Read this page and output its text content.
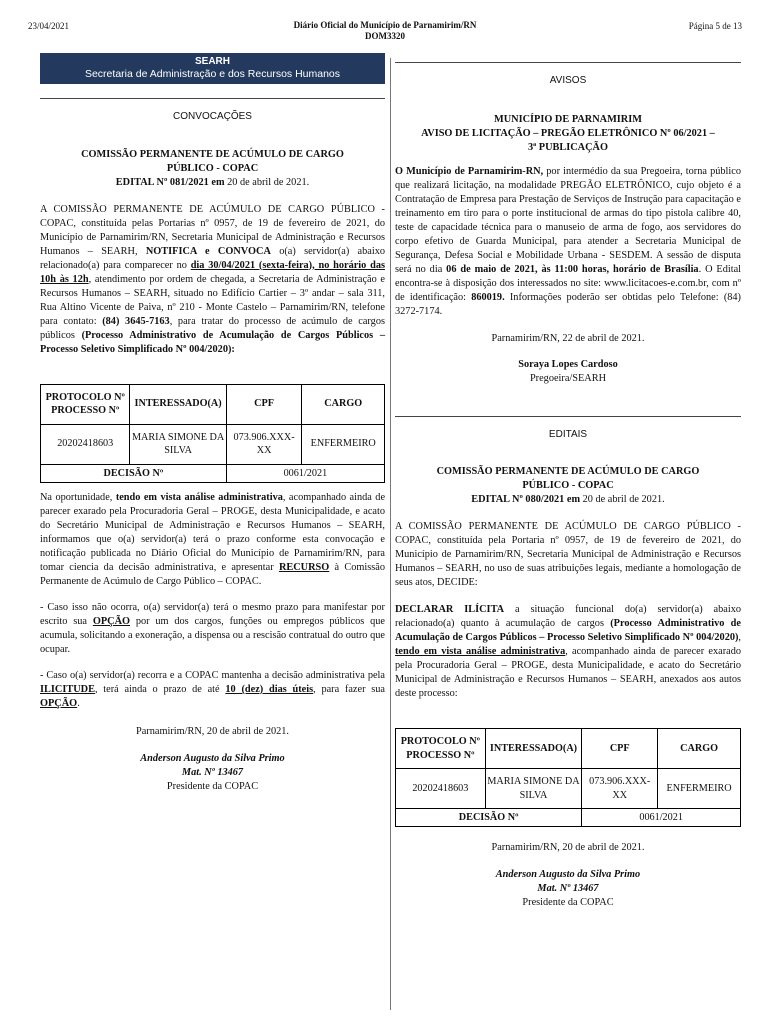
23/04/2021	Diário Oficial do Município de Parnamirim/RN
DOM3320
Página 5 de 13
SEARH
Secretaria de Administração e dos Recursos Humanos
CONVOCAÇÕES
COMISSÃO PERMANENTE DE ACÚMULO DE CARGO
PÚBLICO - COPAC
EDITAL Nº 081/2021 em 20 de abril de 2021.

A COMISSÃO PERMANENTE DE ACÚMULO DE CARGO PÚBLICO - COPAC, constituída pelas Portarias nº 0957, de 19 de fevereiro de 2021, do Município de Parnamirim/RN, Secretaria Municipal de Administração e Recursos Humanos – SEARH, NOTIFICA e CONVOCA o(a) servidor(a) abaixo relacionado(a) para comparecer no dia 30/04/2021 (sexta-feira), no horário das 10h às 12h, atendimento por ordem de chegada, a Secretaria de Administração e Recursos Humanos – SEARH, situado no Edifício Cartier – 3º andar – sala 311, Rua Altino Vicente de Paiva, nº 210 - Monte Castelo – Parnamirim/RN, telefone para contato: (84) 3645-7163, para tratar do processo de acúmulo de cargos públicos (Processo Administrativo de Acumulação de Cargos Públicos – Processo Seletivo Simplificado Nº 004/2020):

PROTOCOLO Nº PROCESSO Nº	INTERESSADO(A)	CPF	CARGO
20202418603	MARIA SIMONE DA SILVA	073.906.XXX-XX	ENFERMEIRO
DECISÃO Nº		0061/2021	

Na oportunidade, tendo em vista análise administrativa, acompanhado ainda de parecer exarado pela Procuradoria Geral – PROGE, desta Municipalidade, e acato do Secretário Municipal de Administração e Recursos Humanos – SEARH, informamos que o(a) servidor(a) terá o prazo conforme esta convocação e notificação publicada no Diário Oficial do Município de Parnamirim/RN, para tomar ciencia da decisão administrativa, e apresentar RECURSO à Comissão Permanente de Acúmulo de Cargo Público – COPAC.

- Caso isso não ocorra, o(a) servidor(a) terá o mesmo prazo para manifestar por escrito sua OPÇÃO por um dos cargos, funções ou empregos públicos que acumula, solicitando a exoneração, a dispensa ou a rescisão contratual do outro que ocupar.

- Caso o(a) servidor(a) recorra e a COPAC mantenha a decisão administrativa pela ILICITUDE, terá ainda o prazo de até 10 (dez) dias úteis, para fazer sua OPÇÃO.

Parnamirim/RN, 20 de abril de 2021.
Anderson Augusto da Silva Primo
Mat. Nº 13467
Presidente da COPAC
AVISOS
MUNICÍPIO DE PARNAMIRIM
AVISO DE LICITAÇÃO – PREGÃO ELETRÔNICO Nº 06/2021 –
3ª PUBLICAÇÃO

O Município de Parnamirim-RN, por intermédio da sua Pregoeira, torna público que realizará licitação, na modalidade PREGÃO ELETRÔNICO, cujo objeto é a Contratação de Empresa para Prestação de Serviços de Instrução para capacitação e treinamento em tiro para o porte institucional de armas do tipo pistola calibre 40, teste de capacidade técnica para o manuseio de arma de fogo, aos servidores do corpo efetivo de Guarda Municipal, para atender a Secretaria Municipal de Segurança, Defesa Social e Mobilidade Urbana - SESDEM. A sessão de disputa será no dia 06 de maio de 2021, às 11:00 horas, horário de Brasília. O Edital encontra-se à disposição dos interessados no site: www.licitacoes-e.com.br, com nº de identificação: 860019. Informações poderão ser obtidas pelo Telefone: (84) 3272-7174.

Parnamirim/RN, 22 de abril de 2021.
Soraya Lopes Cardoso
Pregoeira/SEARH
EDITAIS
COMISSÃO PERMANENTE DE ACÚMULO DE CARGO
PÚBLICO - COPAC
EDITAL Nº 080/2021 em 20 de abril de 2021.

A COMISSÃO PERMANENTE DE ACÚMULO DE CARGO PÚBLICO - COPAC, constituída pela Portaria nº 0957, de 19 de fevereiro de 2021, do Município de Parnamirim/RN, Secretaria Municipal de Administração e Recursos Humanos – SEARH, no uso de suas atribuições legais, mediante a homologação de seus atos, DECIDE:

DECLARAR ILÍCITA a situação funcional do(a) servidor(a) abaixo relacionado(a) quanto à acumulação de cargos (Processo Administrativo de Acumulação de Cargos Públicos – Processo Seletivo Simplificado Nº 004/2020), tendo em vista análise administrativa, acompanhado ainda de parecer exarado pela Procuradoria Geral – PROGE, desta Municipalidade, e acato do Secretário Municipal de Administração e Recursos Humanos – SEARH, anexados aos autos deste processo:

PROTOCOLO Nº PROCESSO Nº	INTERESSADO(A)	CPF	CARGO
20202418603	MARIA SIMONE DA SILVA	073.906.XXX-XX	ENFERMEIRO
DECISÃO Nº		0061/2021	
Parnamirim/RN, 20 de abril de 2021.
Anderson Augusto da Silva Primo
Mat. Nº 13467
Presidente da COPAC
